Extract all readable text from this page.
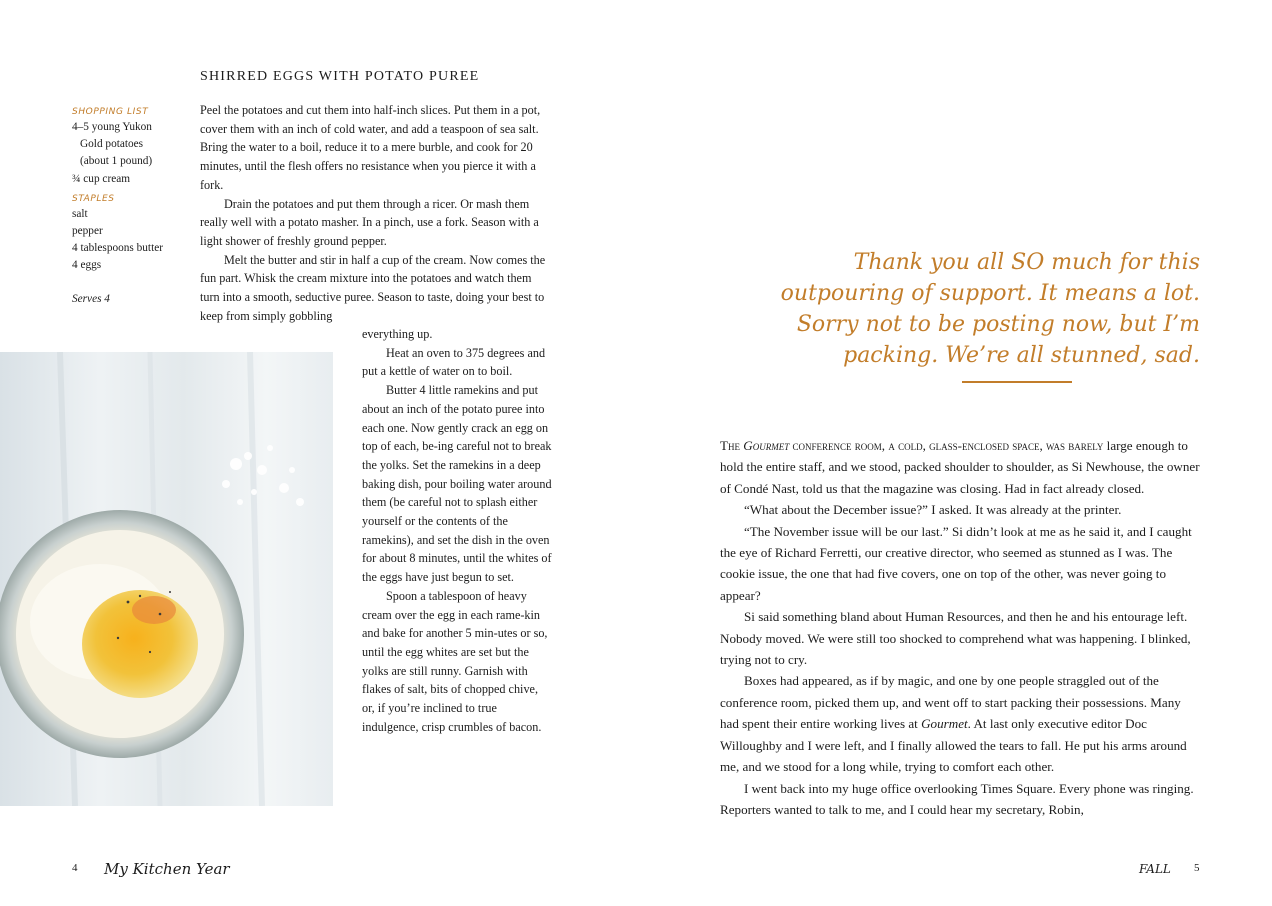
SHIRRED EGGS WITH POTATO PUREE
SHOPPING LIST
4–5 young Yukon
Gold potatoes
(about 1 pound)
¾ cup cream
STAPLES
salt
pepper
4 tablespoons butter
4 eggs
Serves 4

Peel the potatoes and cut them into half-inch slices. Put them in a pot, cover them with an inch of cold water, and add a teaspoon of sea salt. Bring the water to a boil, reduce it to a mere burble, and cook for 20 minutes, until the flesh offers no resistance when you pierce it with a fork.

Drain the potatoes and put them through a ricer. Or mash them really well with a potato masher. In a pinch, use a fork. Season with a light shower of freshly ground pepper.

Melt the butter and stir in half a cup of the cream. Now comes the fun part. Whisk the cream mixture into the potatoes and watch them turn into a smooth, seductive puree. Season to taste, doing your best to keep from simply gobbling

everything up.

Heat an oven to 375 degrees and put a kettle of water on to boil.

Butter 4 little ramekins and put about an inch of the potato puree into each one. Now gently crack an egg on top of each, be-ing careful not to break the yolks. Set the ramekins in a deep baking dish, pour boiling water around them (be careful not to splash either yourself or the contents of the ramekins), and set the dish in the oven for about 8 minutes, until the whites of the eggs have just begun to set.

Spoon a tablespoon of heavy cream over the egg in each rame-kin and bake for another 5 min-utes or so, until the egg whites are set but the yolks are still runny. Garnish with flakes of salt, bits of chopped chive, or, if you’re inclined to true indulgence, crisp crumbles of bacon.

4 My Kitchen Year
Thank you all SO much for this outpouring of support. It means a lot. Sorry not to be posting now, but I’m packing. We’re all stunned, sad.

The Gourmet conference room, a cold, glass-enclosed space, was barely large enough to hold the entire staff, and we stood, packed shoulder to shoulder, as Si Newhouse, the owner of Condé Nast, told us that the magazine was closing. Had in fact already closed.

“What about the December issue?” I asked. It was already at the printer.

“The November issue will be our last.” Si didn’t look at me as he said it, and I caught the eye of Richard Ferretti, our creative director, who seemed as stunned as I was. The cookie issue, the one that had five covers, one on top of the other, was never going to appear?

Si said something bland about Human Resources, and then he and his entourage left. Nobody moved. We were still too shocked to comprehend what was happening. I blinked, trying not to cry.

Boxes had appeared, as if by magic, and one by one people straggled out of the conference room, picked them up, and went off to start packing their possessions. Many had spent their entire working lives at Gourmet. At last only executive editor Doc Willoughby and I were left, and I finally allowed the tears to fall. He put his arms around me, and we stood for a long while, trying to comfort each other.

I went back into my huge office overlooking Times Square. Every phone was ringing. Reporters wanted to talk to me, and I could hear my secretary, Robin,

FALL 5
